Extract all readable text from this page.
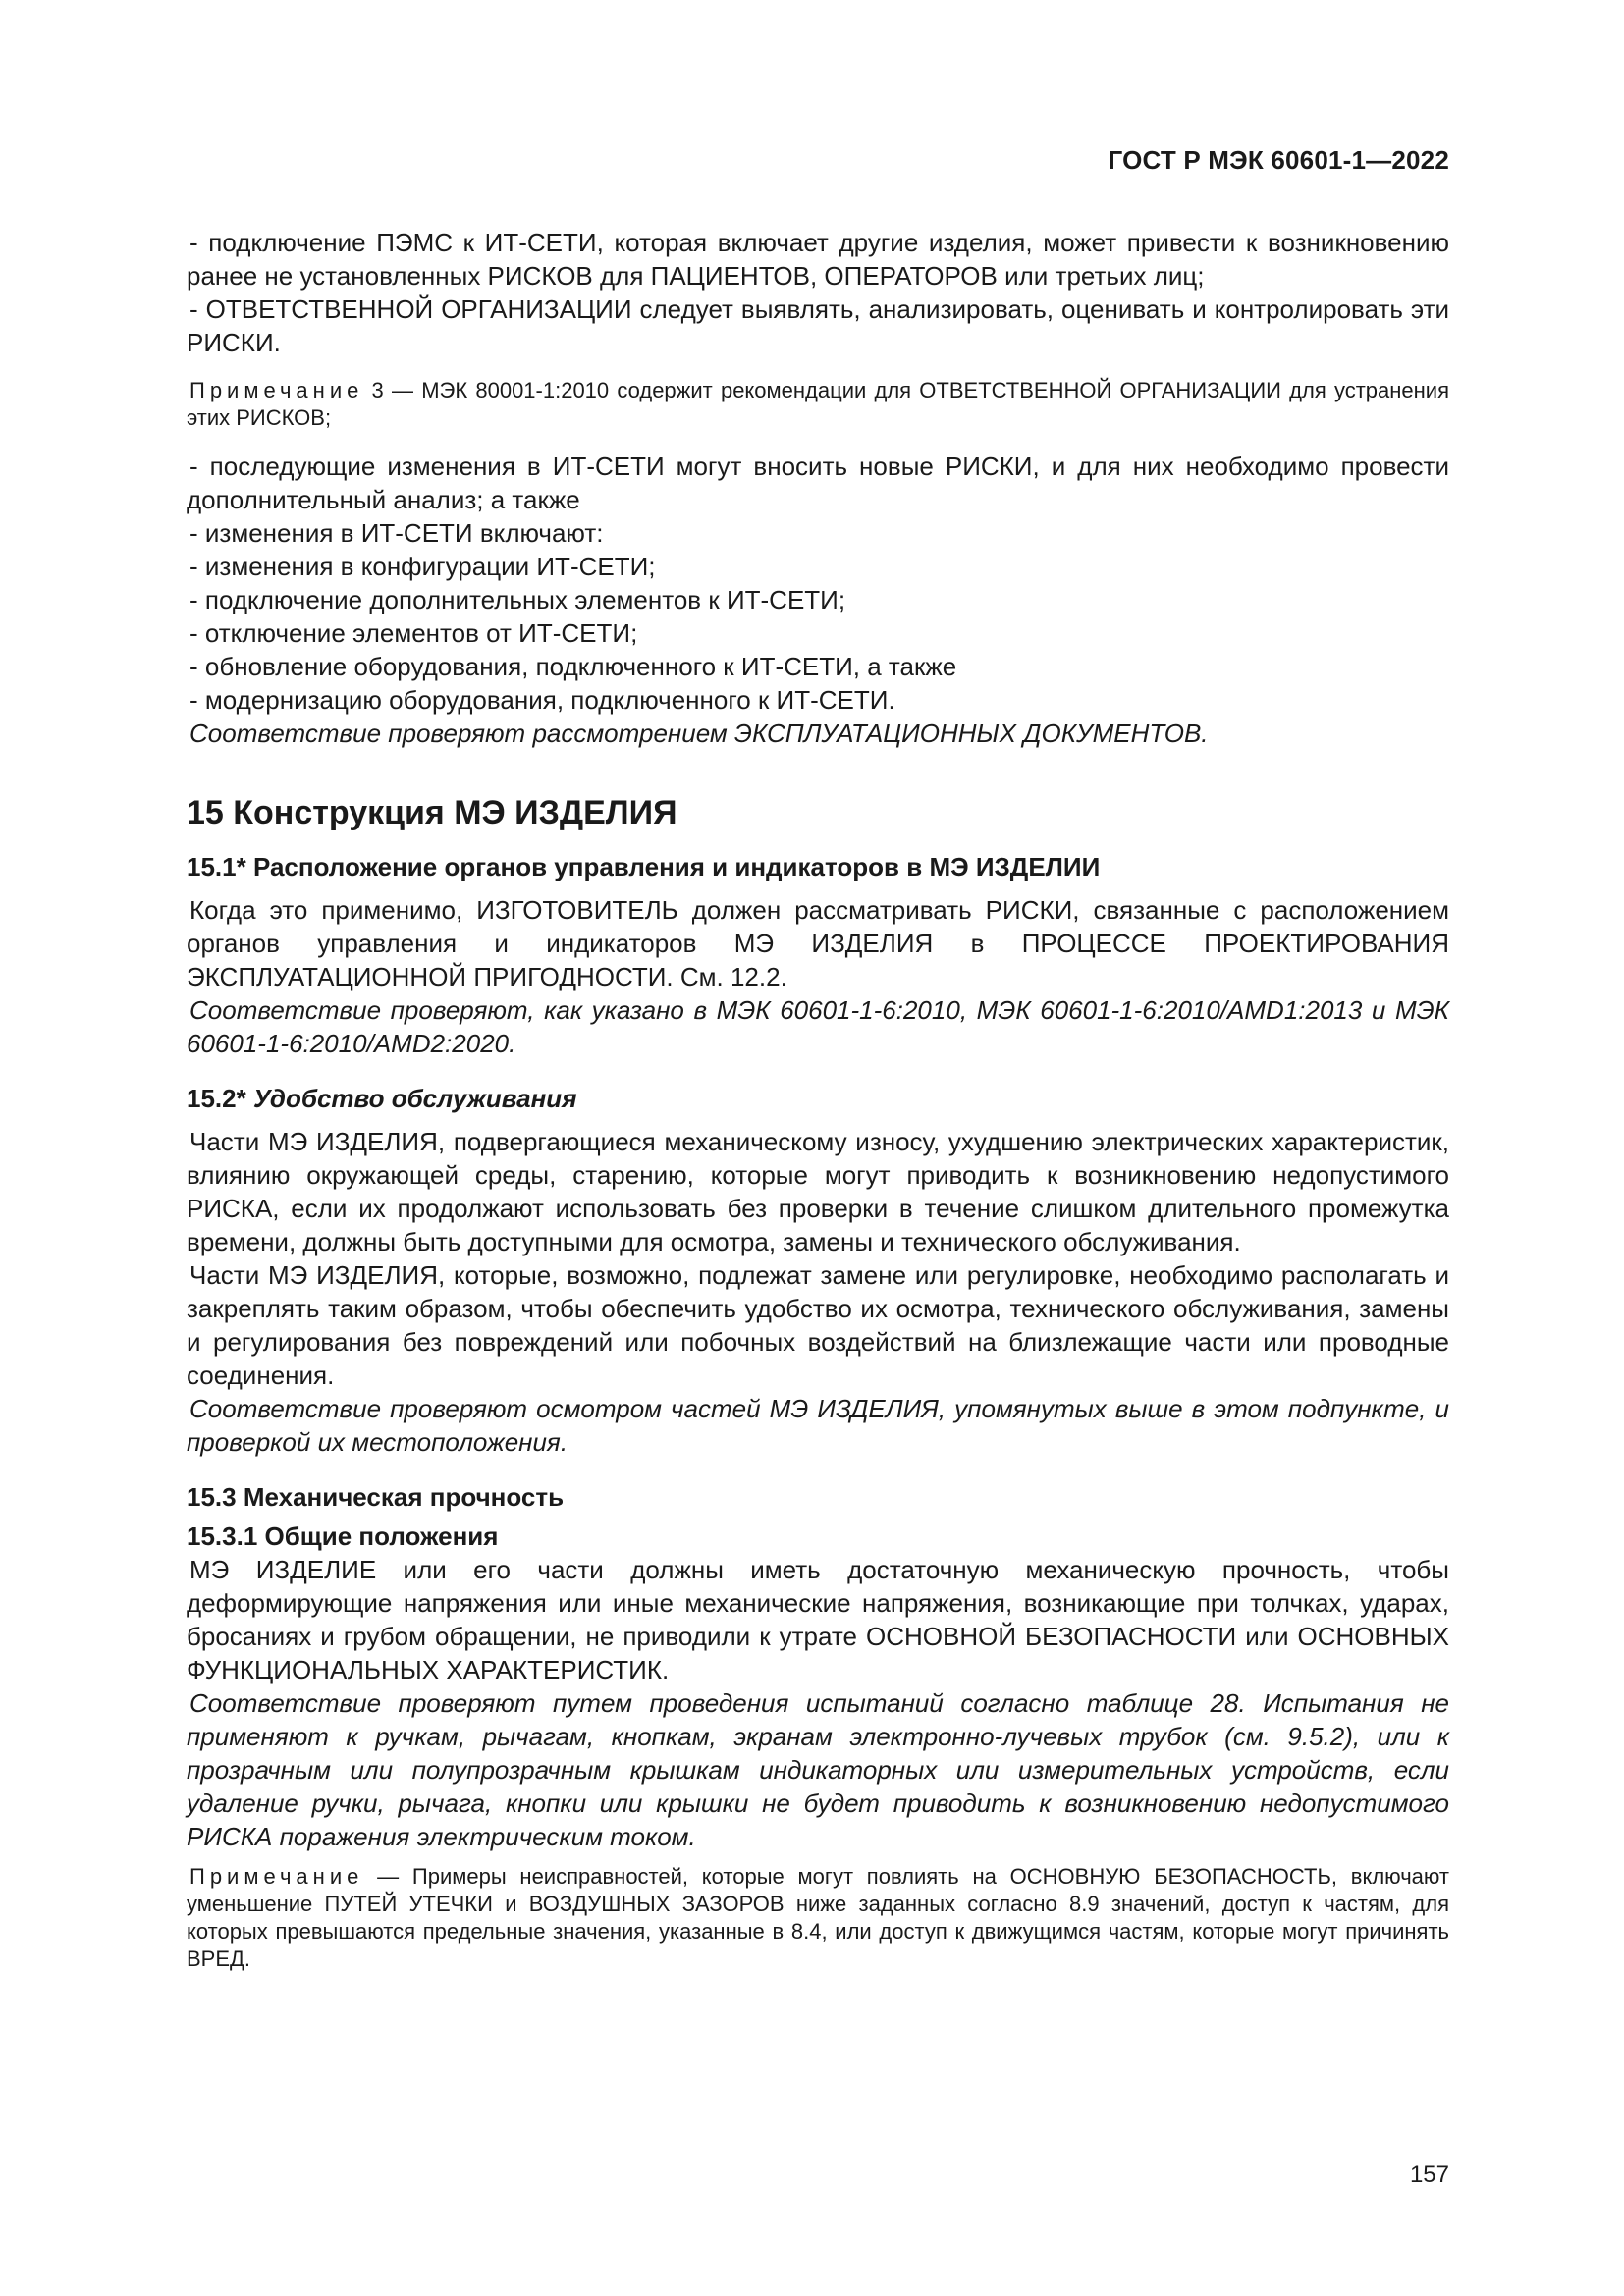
ГОСТ Р МЭК 60601-1—2022

- подключение ПЭМС к ИТ-СЕТИ, которая включает другие изделия, может привести к возникновению ранее не установленных РИСКОВ для ПАЦИЕНТОВ, ОПЕРАТОРОВ или третьих лиц;

- ОТВЕТСТВЕННОЙ ОРГАНИЗАЦИИ следует выявлять, анализировать, оценивать и контролировать эти РИСКИ.

Примечание 3 — МЭК 80001-1:2010 содержит рекомендации для ОТВЕТСТВЕННОЙ ОРГАНИЗАЦИИ для устранения этих РИСКОВ;

- последующие изменения в ИТ-СЕТИ могут вносить новые РИСКИ, и для них необходимо провести дополнительный анализ; а также

- изменения в ИТ-СЕТИ включают:

- изменения в конфигурации ИТ-СЕТИ;

- подключение дополнительных элементов к ИТ-СЕТИ;

- отключение элементов от ИТ-СЕТИ;

- обновление оборудования, подключенного к ИТ-СЕТИ, а также

- модернизацию оборудования, подключенного к ИТ-СЕТИ.

Соответствие проверяют рассмотрением ЭКСПЛУАТАЦИОННЫХ ДОКУМЕНТОВ.

15 Конструкция МЭ ИЗДЕЛИЯ
15.1* Расположение органов управления и индикаторов в МЭ ИЗДЕЛИИ

Когда это применимо, ИЗГОТОВИТЕЛЬ должен рассматривать РИСКИ, связанные с расположением органов управления и индикаторов МЭ ИЗДЕЛИЯ в ПРОЦЕССЕ ПРОЕКТИРОВАНИЯ ЭКСПЛУАТАЦИОННОЙ ПРИГОДНОСТИ. См. 12.2.

Соответствие проверяют, как указано в МЭК 60601-1-6:2010, МЭК 60601-1-6:2010/AMD1:2013 и МЭК 60601-1-6:2010/AMD2:2020.

15.2* Удобство обслуживания

Части МЭ ИЗДЕЛИЯ, подвергающиеся механическому износу, ухудшению электрических характеристик, влиянию окружающей среды, старению, которые могут приводить к возникновению недопустимого РИСКА, если их продолжают использовать без проверки в течение слишком длительного промежутка времени, должны быть доступными для осмотра, замены и технического обслуживания.

Части МЭ ИЗДЕЛИЯ, которые, возможно, подлежат замене или регулировке, необходимо располагать и закреплять таким образом, чтобы обеспечить удобство их осмотра, технического обслуживания, замены и регулирования без повреждений или побочных воздействий на близлежащие части или проводные соединения.

Соответствие проверяют осмотром частей МЭ ИЗДЕЛИЯ, упомянутых выше в этом подпункте, и проверкой их местоположения.

15.3 Механическая прочность
15.3.1 Общие положения

МЭ ИЗДЕЛИЕ или его части должны иметь достаточную механическую прочность, чтобы деформирующие напряжения или иные механические напряжения, возникающие при толчках, ударах, бросаниях и грубом обращении, не приводили к утрате ОСНОВНОЙ БЕЗОПАСНОСТИ или ОСНОВНЫХ ФУНКЦИОНАЛЬНЫХ ХАРАКТЕРИСТИК.

Соответствие проверяют путем проведения испытаний согласно таблице 28. Испытания не применяют к ручкам, рычагам, кнопкам, экранам электронно-лучевых трубок (см. 9.5.2), или к прозрачным или полупрозрачным крышкам индикаторных или измерительных устройств, если удаление ручки, рычага, кнопки или крышки не будет приводить к возникновению недопустимого РИСКА поражения электрическим током.

Примечание — Примеры неисправностей, которые могут повлиять на ОСНОВНУЮ БЕЗОПАСНОСТЬ, включают уменьшение ПУТЕЙ УТЕЧКИ и ВОЗДУШНЫХ ЗАЗОРОВ ниже заданных согласно 8.9 значений, доступ к частям, для которых превышаются предельные значения, указанные в 8.4, или доступ к движущимся частям, которые могут причинять ВРЕД.

157
